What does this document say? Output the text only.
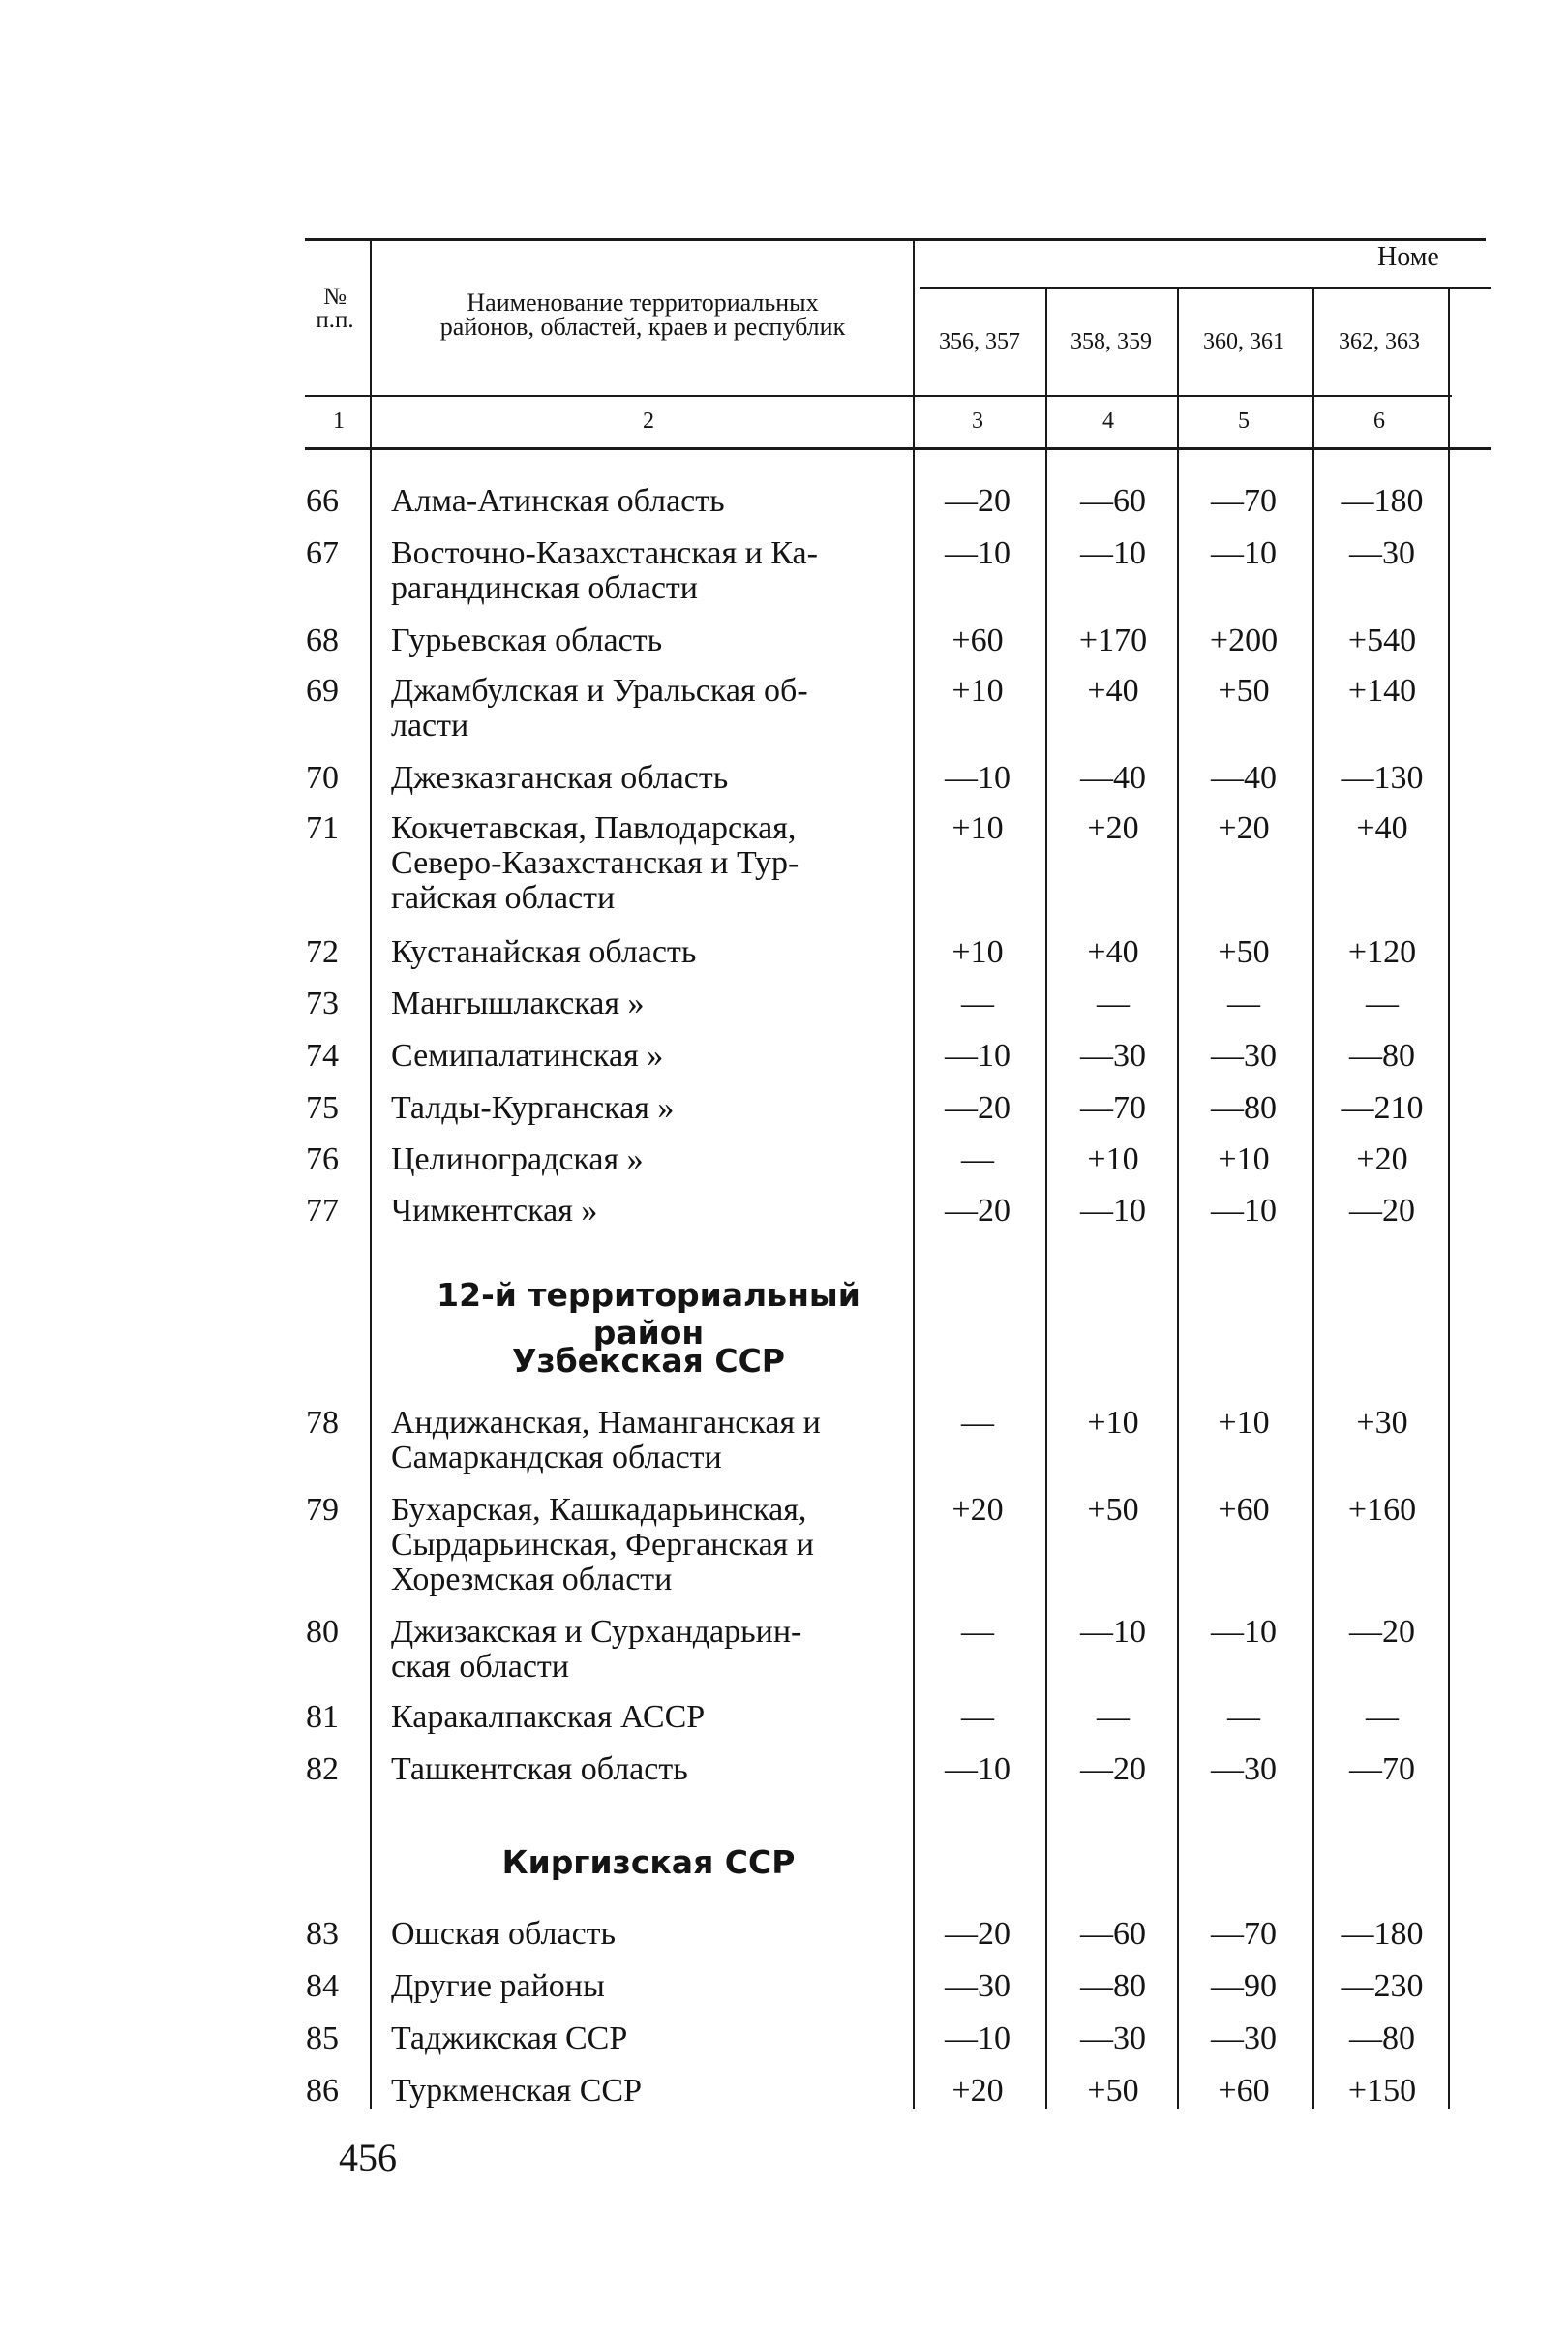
Номе
№
п.п.
Наименование территориальных
районов, областей, краев и республик
356, 357	358, 359	360, 361	362, 363
1	2	3	4	5	6
66	Алма-Атинская область	—20	—60	—70	—180
67	Восточно-Казахстанская и Ка-
рагандинская области
—10	—10	—10	—30
68	Гурьевская область	+60	+170	+200	+540
69	Джамбулская и Уральская об-
ласти
+10	+40	+50	+140
70	Джезказганская область	—10	—40	—40	—130
71	Кокчетавская, Павлодарская,
Северо-Казахстанская и Тур-
гайская области
+10	+20	+20	+40
72	Кустанайская область	+10	+40	+50	+120
73	Мангышлакская »	—	—	—	—
74	Семипалатинская »	—10	—30	—30	—80
75	Талды-Курганская »	—20	—70	—80	—210
76	Целиноградская »	—	+10	+10	+20
77	Чимкентская »	—20	—10	—10	—20
12-й территориальный район
Узбекская ССР
78	Андижанская, Наманганская и
Самаркандская области
—	+10	+10	+30
79	Бухарская, Кашкадарьинская,
Сырдарьинская, Ферганская и
Хорезмская области
+20	+50	+60	+160
80	Джизакская и Сурхандарьин-
ская области
—	—10	—10	—20
81	Каракалпакская АССР	—	—	—	—
82	Ташкентская область	—10	—20	—30	—70
Киргизская ССР
83	Ошская область	—20	—60	—70	—180
84	Другие районы	—30	—80	—90	—230
85	Таджикская ССР	—10	—30	—30	—80
86	Туркменская ССР	+20	+50	+60	+150
456
